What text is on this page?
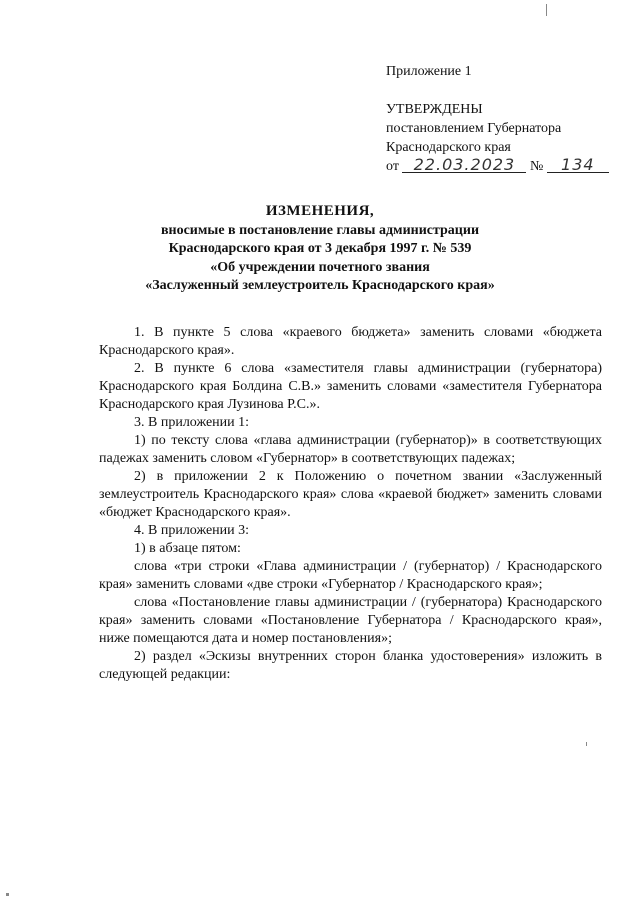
Приложение 1
УТВЕРЖДЕНЫ
постановлением Губернатора
Краснодарского края
от 22.03.2023 № 134
ИЗМЕНЕНИЯ,
вносимые в постановление главы администрации
Краснодарского края от 3 декабря 1997 г. № 539
«Об учреждении почетного звания
«Заслуженный землеустроитель Краснодарского края»

1. В пункте 5 слова «краевого бюджета» заменить словами «бюджета Краснодарского края».

2. В пункте 6 слова «заместителя главы администрации (губернатора) Краснодарского края Болдина С.В.» заменить словами «заместителя Губернатора Краснодарского края Лузинова Р.С.».

3. В приложении 1:

1) по тексту слова «глава администрации (губернатор)» в соответствующих падежах заменить словом «Губернатор» в соответствующих падежах;

2) в приложении 2 к Положению о почетном звании «Заслуженный землеустроитель Краснодарского края» слова «краевой бюджет» заменить словами «бюджет Краснодарского края».

4. В приложении 3:

1) в абзаце пятом:

слова «три строки «Глава администрации / (губернатор) / Краснодарского края» заменить словами «две строки «Губернатор / Краснодарского края»;

слова «Постановление главы администрации / (губернатора) Краснодарского края» заменить словами «Постановление Губернатора / Краснодарского края», ниже помещаются дата и номер постановления»;

2) раздел «Эскизы внутренних сторон бланка удостоверения» изложить в следующей редакции:
